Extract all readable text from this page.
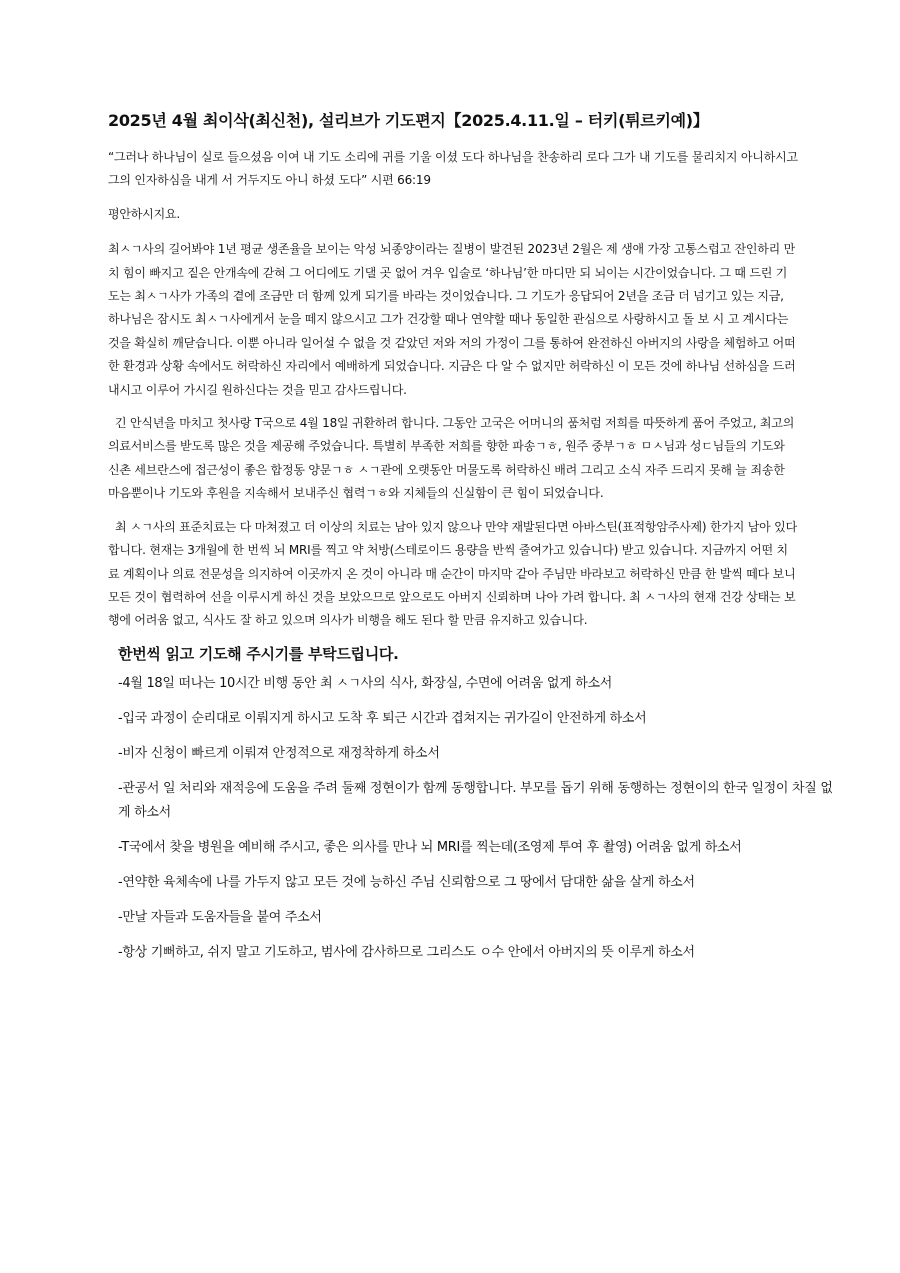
2025년 4월 최이삭(최신천), 설리브가 기도편지【2025.4.11.일 – 터키(튀르키예)】

“그러나 하나님이 실로 들으셨음 이여 내 기도 소리에 귀를 기울 이셨 도다 하나님을 찬송하리 로다 그가 내 기도를 물리치지 아니하시고 그의 인자하심을 내게 서 거두지도 아니 하셨 도다” 시편 66:19

평안하시지요.

최ㅅㄱ사의 길어봐야 1년 평균 생존율을 보이는 악성 뇌종양이라는 질병이 발견된 2023년 2월은 제 생애 가장 고통스럽고 잔인하리 만치 힘이 빠지고 짙은 안개속에 갇혀 그 어디에도 기댈 곳 없어 겨우 입술로 ‘하나님’한 마디만 되 뇌이는 시간이었습니다. 그 때 드린 기도는 최ㅅㄱ사가 가족의 곁에 조금만 더 함께 있게 되기를 바라는 것이었습니다. 그 기도가 응답되어 2년을 조금 더 넘기고 있는 지금, 하나님은 잠시도 최ㅅㄱ사에게서 눈을 떼지 않으시고 그가 건강할 때나 연약할 때나 동일한 관심으로 사랑하시고 돌 보 시 고 계시다는 것을 확실히 깨닫습니다. 이뿐 아니라 일어설 수 없을 것 같았던 저와 저의 가정이 그를 통하여 완전하신 아버지의 사랑을 체험하고 어떠한 환경과 상황 속에서도 허락하신 자리에서 예배하게 되었습니다. 지금은 다 알 수 없지만 허락하신 이 모든 것에 하나님 선하심을 드러내시고 이루어 가시길 원하신다는 것을 믿고 감사드립니다.

긴 안식년을 마치고 첫사랑 T국으로 4월 18일 귀환하려 합니다. 그동안 고국은 어머니의 품처럼 저희를 따뜻하게 품어 주었고, 최고의 의료서비스를 받도록 많은 것을 제공해 주었습니다. 특별히 부족한 저희를 향한 파송ㄱㅎ, 원주 중부ㄱㅎ ㅁㅅ님과 성ㄷ님들의 기도와 신촌 세브란스에 접근성이 좋은 합정동 양문ㄱㅎ ㅅㄱ관에 오랫동안 머물도록 허락하신 배려 그리고 소식 자주 드리지 못해 늘 죄송한 마음뿐이나 기도와 후원을 지속해서 보내주신 협력ㄱㅎ와 지체들의 신실함이 큰 힘이 되었습니다.

최 ㅅㄱ사의 표준치료는 다 마쳐졌고 더 이상의 치료는 남아 있지 않으나 만약 재발된다면 아바스틴(표적항암주사제) 한가지 남아 있다 합니다. 현재는 3개월에 한 번씩 뇌 MRI를 찍고 약 처방(스테로이드 용량을 반씩 줄여가고 있습니다) 받고 있습니다. 지금까지 어떤 치료 계획이나 의료 전문성을 의지하여 이곳까지 온 것이 아니라 매 순간이 마지막 같아 주님만 바라보고 허락하신 만큼 한 발씩 떼다 보니 모든 것이 협력하여 선을 이루시게 하신 것을 보았으므로 앞으로도 아버지 신뢰하며 나아 가려 합니다. 최 ㅅㄱ사의 현재 건강 상태는 보행에 어려움 없고, 식사도 잘 하고 있으며 의사가 비행을 해도 된다 할 만큼 유지하고 있습니다.

한번씩 읽고 기도해 주시기를 부탁드립니다.
-4월 18일 떠나는 10시간 비행 동안 최 ㅅㄱ사의 식사, 화장실, 수면에 어려움 없게 하소서
-입국 과정이 순리대로 이뤄지게 하시고 도착 후 퇴근 시간과 겹쳐지는 귀가길이 안전하게 하소서
-비자 신청이 빠르게 이뤄져 안정적으로 재정착하게 하소서
-관공서 일 처리와 재적응에 도움을 주려 둘째 정현이가 함께 동행합니다. 부모를 돕기 위해 동행하는 정현이의 한국 일정이 차질 없게 하소서
-T국에서 찾을 병원을 예비해 주시고, 좋은 의사를 만나 뇌 MRI를 찍는데(조영제 투여 후 촬영) 어려움 없게 하소서
-연약한 육체속에 나를 가두지 않고 모든 것에 능하신 주님 신뢰함으로 그 땅에서 담대한 삶을 살게 하소서
-만날 자들과 도움자들을 붙여 주소서
-항상 기뻐하고, 쉬지 말고 기도하고, 범사에 감사하므로 그리스도 ㅇ수 안에서 아버지의 뜻 이루게 하소서
